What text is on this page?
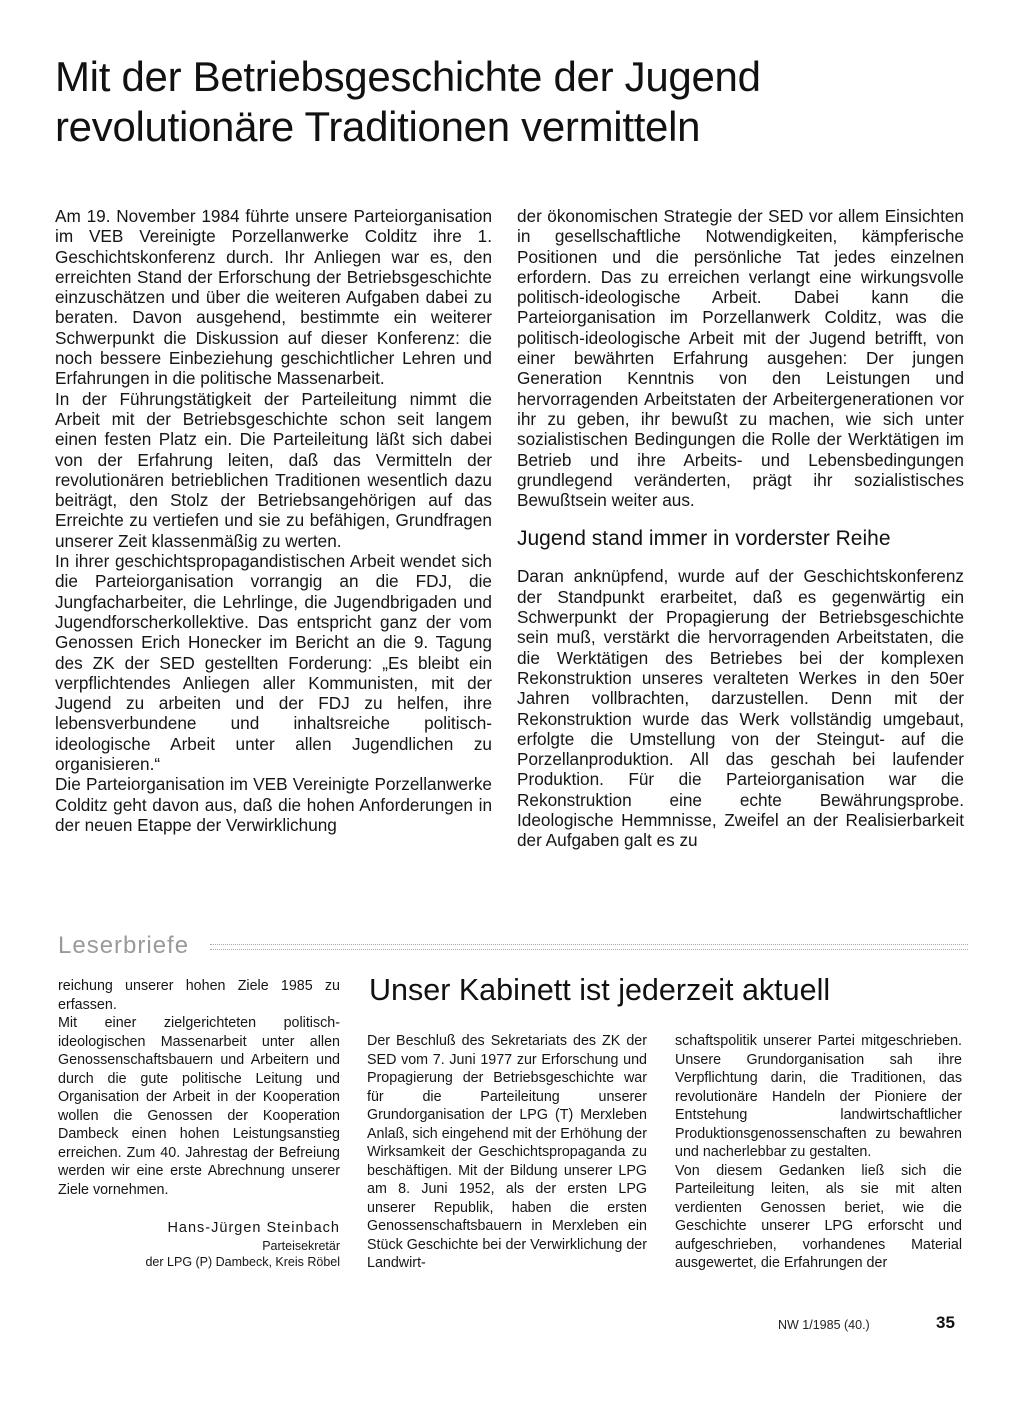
Mit der Betriebsgeschichte der Jugend revolutionäre Traditionen vermitteln

Am 19. November 1984 führte unsere Parteiorganisation im VEB Vereinigte Porzellanwerke Colditz ihre 1. Geschichtskonferenz durch. Ihr Anliegen war es, den erreichten Stand der Erforschung der Betriebsgeschichte einzuschätzen und über die weiteren Aufgaben dabei zu beraten. Davon ausgehend, bestimmte ein weiterer Schwerpunkt die Diskussion auf dieser Konferenz: die noch bessere Einbeziehung geschichtlicher Lehren und Erfahrungen in die politische Massenarbeit.

In der Führungstätigkeit der Parteileitung nimmt die Arbeit mit der Betriebsgeschichte schon seit langem einen festen Platz ein. Die Parteileitung läßt sich dabei von der Erfahrung leiten, daß das Vermitteln der revolutionären betrieblichen Traditionen wesentlich dazu beiträgt, den Stolz der Betriebsangehörigen auf das Erreichte zu vertiefen und sie zu befähigen, Grundfragen unserer Zeit klassenmäßig zu werten.

In ihrer geschichtspropagandistischen Arbeit wendet sich die Parteiorganisation vorrangig an die FDJ, die Jungfacharbeiter, die Lehrlinge, die Jugendbrigaden und Jugendforscherkollektive. Das entspricht ganz der vom Genossen Erich Honecker im Bericht an die 9. Tagung des ZK der SED gestellten Forderung: „Es bleibt ein verpflichtendes Anliegen aller Kommunisten, mit der Jugend zu arbeiten und der FDJ zu helfen, ihre lebensverbundene und inhaltsreiche politisch-ideologische Arbeit unter allen Jugendlichen zu organisieren.“

Die Parteiorganisation im VEB Vereinigte Porzellanwerke Colditz geht davon aus, daß die hohen Anforderungen in der neuen Etappe der Verwirklichung

der ökonomischen Strategie der SED vor allem Einsichten in gesellschaftliche Notwendigkeiten, kämpferische Positionen und die persönliche Tat jedes einzelnen erfordern. Das zu erreichen verlangt eine wirkungsvolle politisch-ideologische Arbeit. Dabei kann die Parteiorganisation im Porzellanwerk Colditz, was die politisch-ideologische Arbeit mit der Jugend betrifft, von einer bewährten Erfahrung ausgehen: Der jungen Generation Kenntnis von den Leistungen und hervorragenden Arbeitstaten der Arbeitergenerationen vor ihr zu geben, ihr bewußt zu machen, wie sich unter sozialistischen Bedingungen die Rolle der Werktätigen im Betrieb und ihre Arbeits- und Lebensbedingungen grundlegend veränderten, prägt ihr sozialistisches Bewußtsein weiter aus.

Jugend stand immer in vorderster Reihe

Daran anknüpfend, wurde auf der Geschichtskonferenz der Standpunkt erarbeitet, daß es gegenwärtig ein Schwerpunkt der Propagierung der Betriebsgeschichte sein muß, verstärkt die hervorragenden Arbeitstaten, die die Werktätigen des Betriebes bei der komplexen Rekonstruktion unseres veralteten Werkes in den 50er Jahren vollbrachten, darzustellen. Denn mit der Rekonstruktion wurde das Werk vollständig umgebaut, erfolgte die Umstellung von der Steingut- auf die Porzellanproduktion. All das geschah bei laufender Produktion. Für die Parteiorganisation war die Rekonstruktion eine echte Bewährungsprobe. Ideologische Hemmnisse, Zweifel an der Realisierbarkeit der Aufgaben galt es zu

Leserbriefe

reichung unserer hohen Ziele 1985 zu erfassen.

Mit einer zielgerichteten politisch-ideologischen Massenarbeit unter allen Genossenschaftsbauern und Arbeitern und durch die gute politische Leitung und Organisation der Arbeit in der Kooperation wollen die Genossen der Kooperation Dambeck einen hohen Leistungsanstieg erreichen. Zum 40. Jahrestag der Befreiung werden wir eine erste Abrechnung unserer Ziele vornehmen.

Hans-Jürgen Steinbach
Parteisekretär
der LPG (P) Dambeck, Kreis Röbel
Unser Kabinett ist jederzeit aktuell

Der Beschluß des Sekretariats des ZK der SED vom 7. Juni 1977 zur Erforschung und Propagierung der Betriebsgeschichte war für die Parteileitung unserer Grundorganisation der LPG (T) Merxleben Anlaß, sich eingehend mit der Erhöhung der Wirksamkeit der Geschichtspropaganda zu beschäftigen. Mit der Bildung unserer LPG am 8. Juni 1952, als der ersten LPG unserer Republik, haben die ersten Genossenschaftsbauern in Merxleben ein Stück Geschichte bei der Verwirklichung der Landwirt-

schaftspolitik unserer Partei mitgeschrieben. Unsere Grundorganisation sah ihre Verpflichtung darin, die Traditionen, das revolutionäre Handeln der Pioniere der Entstehung landwirtschaftlicher Produktionsgenossenschaften zu bewahren und nacherlebbar zu gestalten.

Von diesem Gedanken ließ sich die Parteileitung leiten, als sie mit alten verdienten Genossen beriet, wie die Geschichte unserer LPG erforscht und aufgeschrieben, vorhandenes Material ausgewertet, die Erfahrungen der

NW 1/1985 (40.)	35
